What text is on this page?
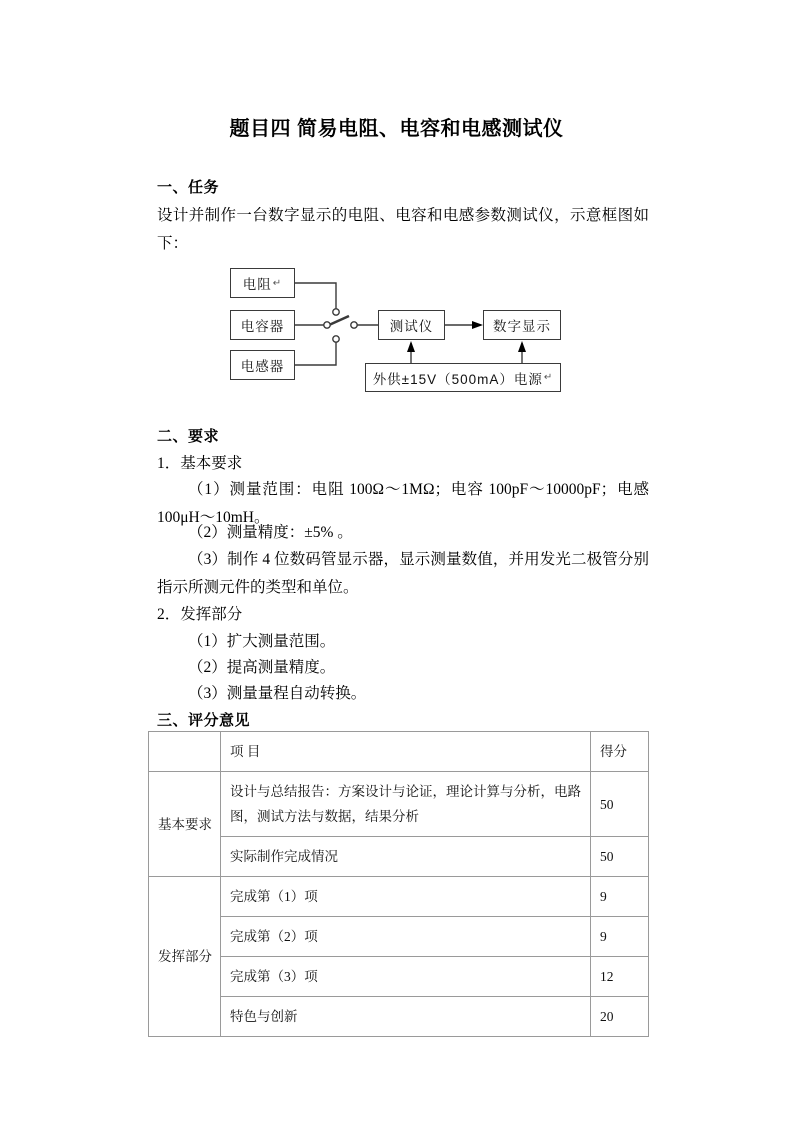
题目四 简易电阻、电容和电感测试仪
一、任务
设计并制作一台数字显示的电阻、电容和电感参数测试仪，示意框图如下：
电阻 ↵
电容器
电感器
测试仪	数字显示
外供±15V（500mA）电源 ↵
二、要求
1．基本要求
（1）测量范围：电阻 100Ω～1MΩ；电容 100pF～10000pF；电感 100μH～10mH。
（2）测量精度：±5% 。
（3）制作 4 位数码管显示器，显示测量数值，并用发光二极管分别指示所测元件的类型和单位。
2．发挥部分
（1）扩大测量范围。
（2）提高测量精度。
（3）测量量程自动转换。
三、评分意见
	项 目	得分
基本要求	设计与总结报告：方案设计与论证，理论计算与分析，电路图，测试方法与数据，结果分析	50
	实际制作完成情况	50
发挥部分	完成第（1）项	9
	完成第（2）项	9
	完成第（3）项	12
	特色与创新	20
